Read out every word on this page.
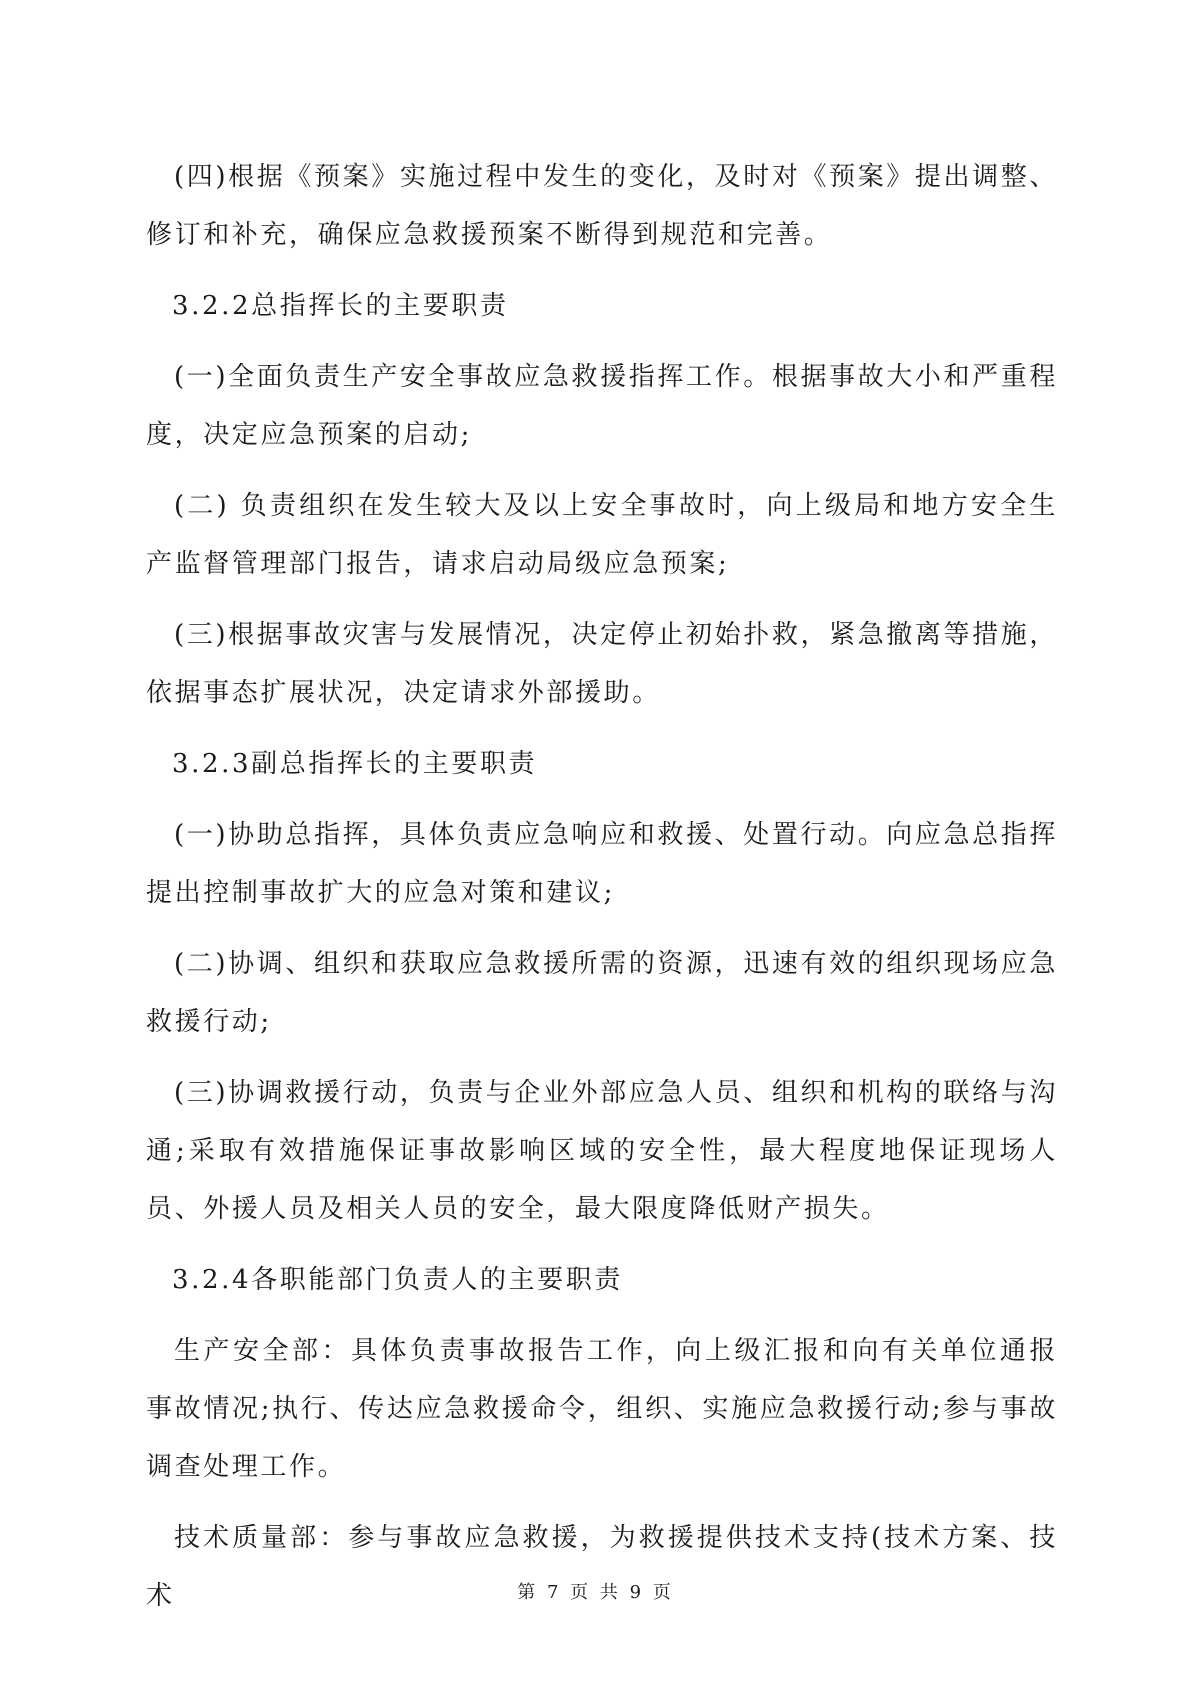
(四)根据《预案》实施过程中发生的变化，及时对《预案》提出调整、修订和补充，确保应急救援预案不断得到规范和完善。

3.2.2总指挥长的主要职责

(一)全面负责生产安全事故应急救援指挥工作。根据事故大小和严重程度，决定应急预案的启动;

(二) 负责组织在发生较大及以上安全事故时，向上级局和地方安全生产监督管理部门报告，请求启动局级应急预案;

(三)根据事故灾害与发展情况，决定停止初始扑救，紧急撤离等措施，依据事态扩展状况，决定请求外部援助。

3.2.3副总指挥长的主要职责

(一)协助总指挥，具体负责应急响应和救援、处置行动。向应急总指挥提出控制事故扩大的应急对策和建议;

(二)协调、组织和获取应急救援所需的资源，迅速有效的组织现场应急救援行动;

(三)协调救援行动，负责与企业外部应急人员、组织和机构的联络与沟通;采取有效措施保证事故影响区域的安全性，最大程度地保证现场人员、外援人员及相关人员的安全，最大限度降低财产损失。

3.2.4各职能部门负责人的主要职责

生产安全部：具体负责事故报告工作，向上级汇报和向有关单位通报事故情况;执行、传达应急救援命令，组织、实施应急救援行动;参与事故调查处理工作。

技术质量部：参与事故应急救援，为救援提供技术支持(技术方案、技术	第 7 页 共 9 页
